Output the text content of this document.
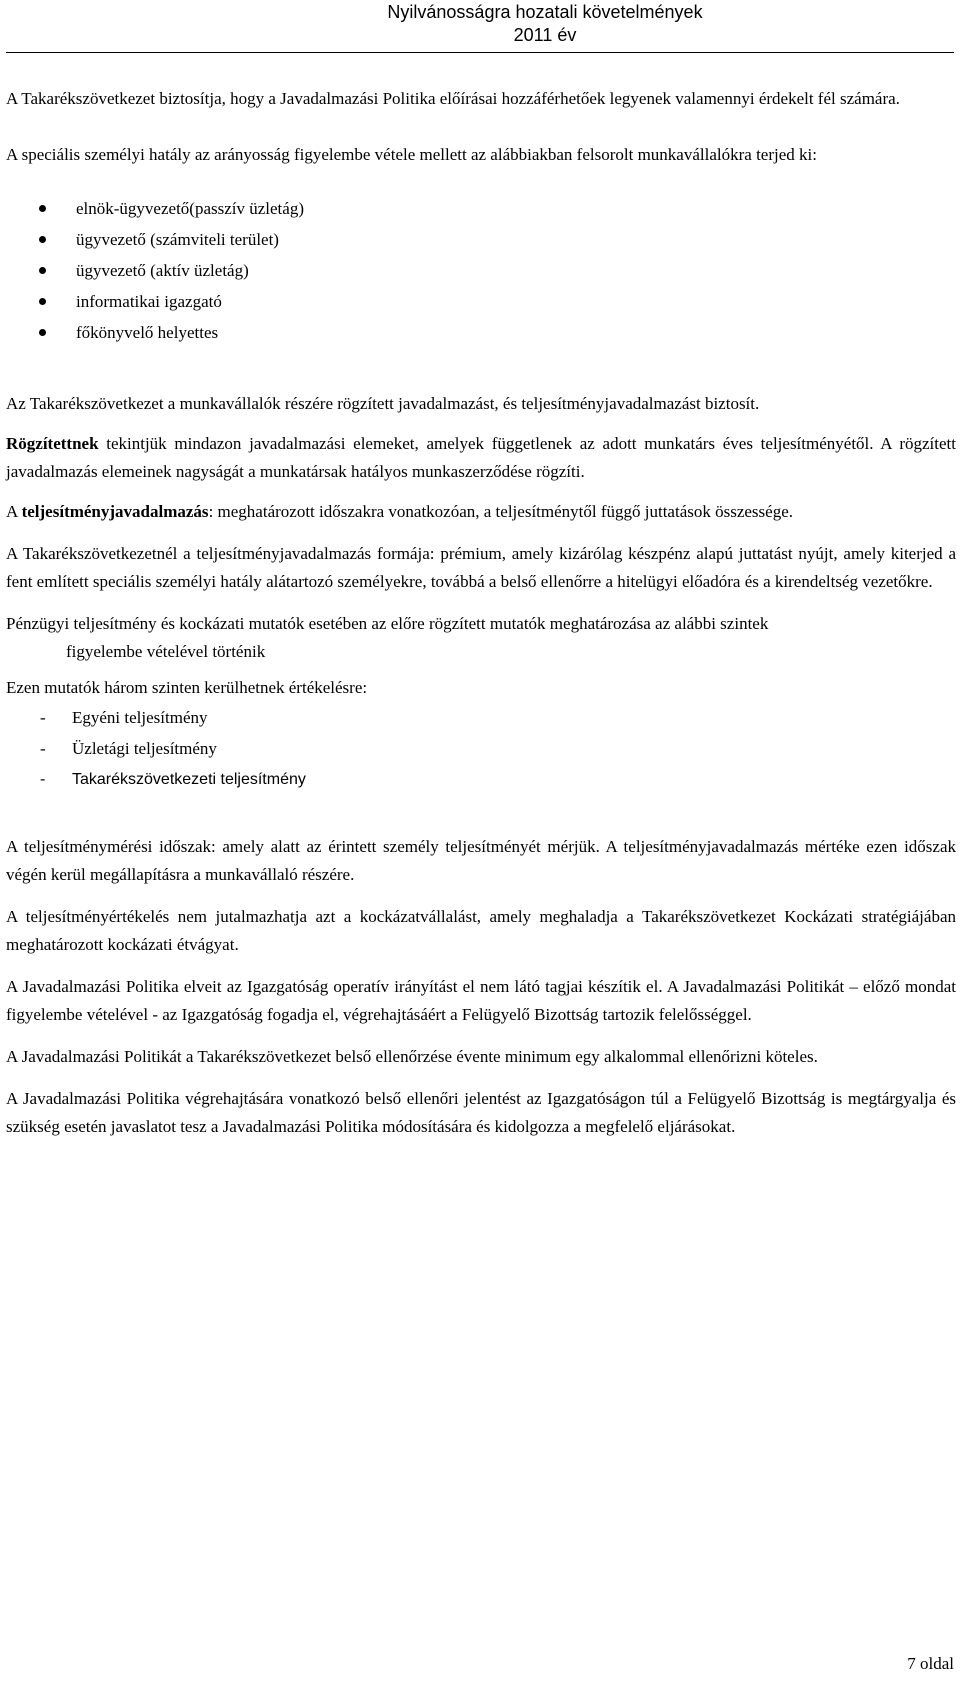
Nyilvánosságra hozatali követelmények
2011 év

A Takarékszövetkezet biztosítja, hogy a Javadalmazási Politika előírásai hozzáférhetőek legyenek valamennyi érdekelt fél számára.

A speciális személyi hatály az arányosság figyelembe vétele mellett az alábbiakban felsorolt munkavállalókra terjed ki:

elnök-ügyvezető(passzív üzletág)
ügyvezető (számviteli terület)
ügyvezető (aktív üzletág)
informatikai igazgató
főkönyvelő helyettes

Az Takarékszövetkezet a munkavállalók részére rögzített javadalmazást, és teljesítményjavadalmazást biztosít.

Rögzítettnek tekintjük mindazon javadalmazási elemeket, amelyek függetlenek az adott munkatárs éves teljesítményétől. A rögzített javadalmazás elemeinek nagyságát a munkatársak hatályos munkaszerződése rögzíti.

A teljesítményjavadalmazás: meghatározott időszakra vonatkozóan, a teljesítménytől függő juttatások összessége.

A Takarékszövetkezetnél a teljesítményjavadalmazás formája: prémium, amely kizárólag készpénz alapú juttatást nyújt, amely kiterjed a fent említett speciális személyi hatály alátartozó személyekre, továbbá a belső ellenőrre a hitelügyi előadóra és a kirendeltség vezetőkre.

Pénzügyi teljesítmény és kockázati mutatók esetében az előre rögzített mutatók meghatározása az alábbi szintek
figyelembe vételével történik

Ezen mutatók három szinten kerülhetnek értékelésre:

- Egyéni teljesítmény
- Üzletági teljesítmény
- Takarékszövetkezeti teljesítmény

A teljesítménymérési időszak: amely alatt az érintett személy teljesítményét mérjük. A teljesítményjavadalmazás mértéke ezen időszak végén kerül megállapításra a munkavállaló részére.

A teljesítményértékelés nem jutalmazhatja azt a kockázatvállalást, amely meghaladja a Takarékszövetkezet Kockázati stratégiájában meghatározott kockázati étvágyat.

A Javadalmazási Politika elveit az Igazgatóság operatív irányítást el nem látó tagjai készítik el. A Javadalmazási Politikát – előző mondat figyelembe vételével - az Igazgatóság fogadja el, végrehajtásáért a Felügyelő Bizottság tartozik felelősséggel.

A Javadalmazási Politikát a Takarékszövetkezet belső ellenőrzése évente minimum egy alkalommal ellenőrizni köteles.

A Javadalmazási Politika végrehajtására vonatkozó belső ellenőri jelentést az Igazgatóságon túl a Felügyelő Bizottság is megtárgyalja és szükség esetén javaslatot tesz a Javadalmazási Politika módosítására és kidolgozza a megfelelő eljárásokat.

7 oldal
